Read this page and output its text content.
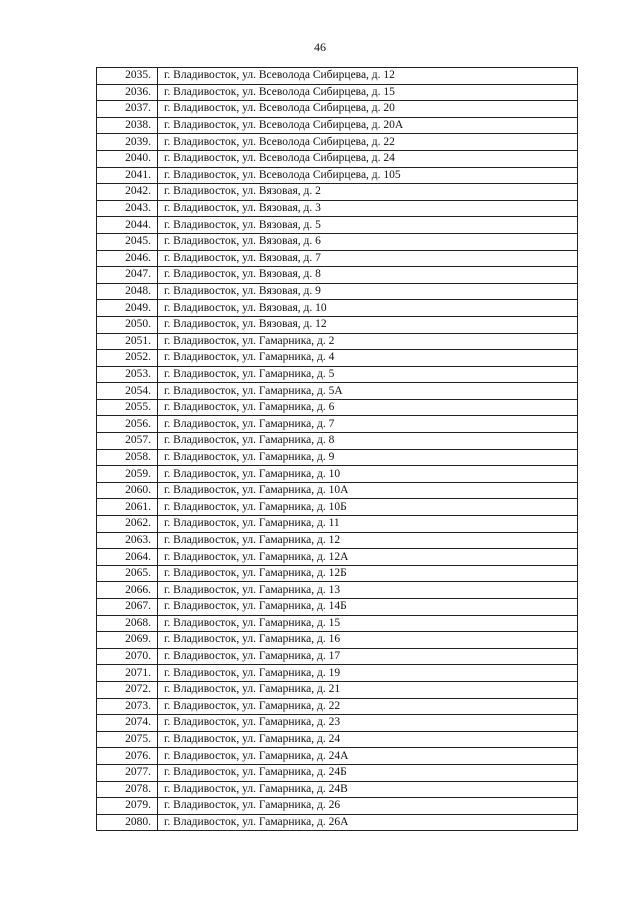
46
2035.	г. Владивосток, ул. Всеволода Сибирцева, д. 12
2036.	г. Владивосток, ул. Всеволода Сибирцева, д. 15
2037.	г. Владивосток, ул. Всеволода Сибирцева, д. 20
2038.	г. Владивосток, ул. Всеволода Сибирцева, д. 20А
2039.	г. Владивосток, ул. Всеволода Сибирцева, д. 22
2040.	г. Владивосток, ул. Всеволода Сибирцева, д. 24
2041.	г. Владивосток, ул. Всеволода Сибирцева, д. 105
2042.	г. Владивосток, ул. Вязовая, д. 2
2043.	г. Владивосток, ул. Вязовая, д. 3
2044.	г. Владивосток, ул. Вязовая, д. 5
2045.	г. Владивосток, ул. Вязовая, д. 6
2046.	г. Владивосток, ул. Вязовая, д. 7
2047.	г. Владивосток, ул. Вязовая, д. 8
2048.	г. Владивосток, ул. Вязовая, д. 9
2049.	г. Владивосток, ул. Вязовая, д. 10
2050.	г. Владивосток, ул. Вязовая, д. 12
2051.	г. Владивосток, ул. Гамарника, д. 2
2052.	г. Владивосток, ул. Гамарника, д. 4
2053.	г. Владивосток, ул. Гамарника, д. 5
2054.	г. Владивосток, ул. Гамарника, д. 5А
2055.	г. Владивосток, ул. Гамарника, д. 6
2056.	г. Владивосток, ул. Гамарника, д. 7
2057.	г. Владивосток, ул. Гамарника, д. 8
2058.	г. Владивосток, ул. Гамарника, д. 9
2059.	г. Владивосток, ул. Гамарника, д. 10
2060.	г. Владивосток, ул. Гамарника, д. 10А
2061.	г. Владивосток, ул. Гамарника, д. 10Б
2062.	г. Владивосток, ул. Гамарника, д. 11
2063.	г. Владивосток, ул. Гамарника, д. 12
2064.	г. Владивосток, ул. Гамарника, д. 12А
2065.	г. Владивосток, ул. Гамарника, д. 12Б
2066.	г. Владивосток, ул. Гамарника, д. 13
2067.	г. Владивосток, ул. Гамарника, д. 14Б
2068.	г. Владивосток, ул. Гамарника, д. 15
2069.	г. Владивосток, ул. Гамарника, д. 16
2070.	г. Владивосток, ул. Гамарника, д. 17
2071.	г. Владивосток, ул. Гамарника, д. 19
2072.	г. Владивосток, ул. Гамарника, д. 21
2073.	г. Владивосток, ул. Гамарника, д. 22
2074.	г. Владивосток, ул. Гамарника, д. 23
2075.	г. Владивосток, ул. Гамарника, д. 24
2076.	г. Владивосток, ул. Гамарника, д. 24А
2077.	г. Владивосток, ул. Гамарника, д. 24Б
2078.	г. Владивосток, ул. Гамарника, д. 24В
2079.	г. Владивосток, ул. Гамарника, д. 26
2080.	г. Владивосток, ул. Гамарника, д. 26А
